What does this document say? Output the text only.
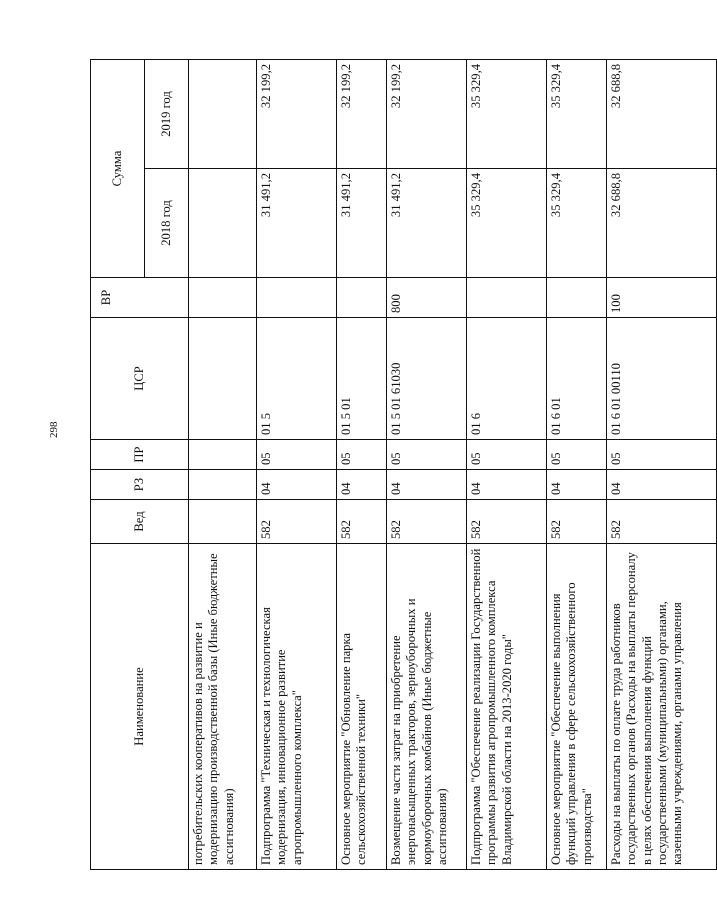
298
Наименование	Вед	РЗ	ПР	ЦСР	ВР	Сумма	
						2018 год	2019 год
потребительских кооперативов на развитие и модернизацию производственной базы (Иные бюджетные ассигнования)							
Подпрограмма "Техническая и технологическая модернизация, инновационное развитие агропромышленного комплекса"	582	04	05	01 5		31 491,2	32 199,2
Основное мероприятие "Обновление парка сельскохозяйственной техники"	582	04	05	01 5 01		31 491,2	32 199,2
Возмещение части затрат на приобретение энергонасыщенных тракторов, зерноуборочных и кормоуборочных комбайнов (Иные бюджетные ассигнования)	582	04	05	01 5 01 61030	800	31 491,2	32 199,2
Подпрограмма "Обеспечение реализации Государственной программы развития агропромышленного комплекса Владимирской области на 2013-2020 годы"	582	04	05	01 6		35 329,4	35 329,4
Основное мероприятие "Обеспечение выполнения функций управления в сфере сельскохозяйственного производства"	582	04	05	01 6 01		35 329,4	35 329,4
Расходы на выплаты по оплате труда работников государственных органов (Расходы на выплаты персоналу в целях обеспечения выполнения функций государственными (муниципальными) органами, казенными учреждениями, органами управления	582	04	05	01 6 01 00110	100	32 688,8	32 688,8
